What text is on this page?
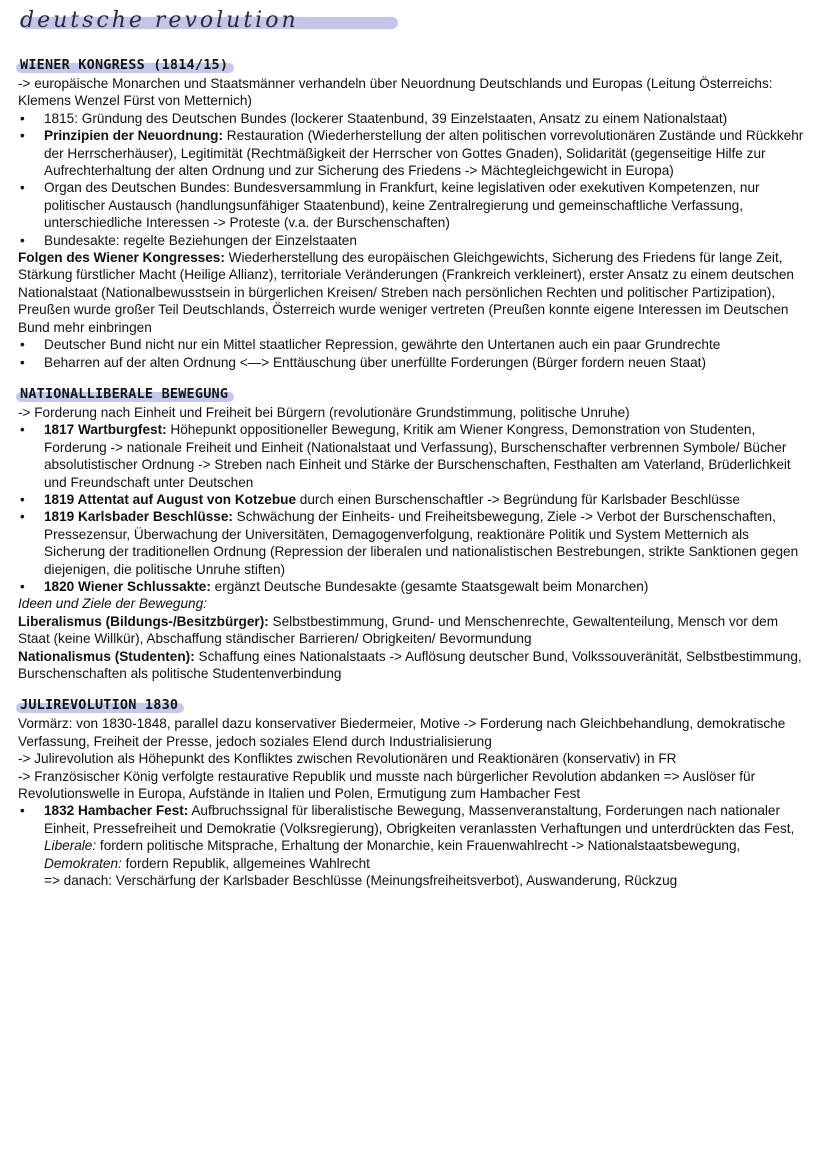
deutsche revolution
WIENER KONGRESS (1814/15)

-> europäische Monarchen und Staatsmänner verhandeln über Neuordnung Deutschlands und Europas (Leitung Österreichs: Klemens Wenzel Fürst von Metternich)

• 1815: Gründung des Deutschen Bundes (lockerer Staatenbund, 39 Einzelstaaten, Ansatz zu einem Nationalstaat)
• Prinzipien der Neuordnung: Restauration (Wiederherstellung der alten politischen vorrevolutionären Zustände und Rückkehr der Herrscherhäuser), Legitimität (Rechtmäßigkeit der Herrscher von Gottes Gnaden), Solidarität (gegenseitige Hilfe zur Aufrechterhaltung der alten Ordnung und zur Sicherung des Friedens -> Mächtegleichgewicht in Europa)
• Organ des Deutschen Bundes: Bundesversammlung in Frankfurt, keine legislativen oder exekutiven Kompetenzen, nur politischer Austausch (handlungsunfähiger Staatenbund), keine Zentralregierung und gemeinschaftliche Verfassung, unterschiedliche Interessen -> Proteste (v.a. der Burschenschaften)
• Bundesakte: regelte Beziehungen der Einzelstaaten

Folgen des Wiener Kongresses: Wiederherstellung des europäischen Gleichgewichts, Sicherung des Friedens für lange Zeit, Stärkung fürstlicher Macht (Heilige Allianz), territoriale Veränderungen (Frankreich verkleinert), erster Ansatz zu einem deutschen Nationalstaat (Nationalbewusstsein in bürgerlichen Kreisen/ Streben nach persönlichen Rechten und politischer Partizipation), Preußen wurde großer Teil Deutschlands, Österreich wurde weniger vertreten (Preußen konnte eigene Interessen im Deutschen Bund mehr einbringen

• Deutscher Bund nicht nur ein Mittel staatlicher Repression, gewährte den Untertanen auch ein paar Grundrechte
• Beharren auf der alten Ordnung <—> Enttäuschung über unerfüllte Forderungen (Bürger fordern neuen Staat)
NATIONALLIBERALE BEWEGUNG

-> Forderung nach Einheit und Freiheit bei Bürgern (revolutionäre Grundstimmung, politische Unruhe)

• 1817 Wartburgfest: Höhepunkt oppositioneller Bewegung, Kritik am Wiener Kongress, Demonstration von Studenten, Forderung -> nationale Freiheit und Einheit (Nationalstaat und Verfassung), Burschenschafter verbrennen Symbole/ Bücher absolutistischer Ordnung -> Streben nach Einheit und Stärke der Burschenschaften, Festhalten am Vaterland, Brüderlichkeit und Freundschaft unter Deutschen
• 1819 Attentat auf August von Kotzebue durch einen Burschenschaftler -> Begründung für Karlsbader Beschlüsse
• 1819 Karlsbader Beschlüsse: Schwächung der Einheits- und Freiheitsbewegung, Ziele -> Verbot der Burschenschaften, Pressezensur, Überwachung der Universitäten, Demagogenverfolgung, reaktionäre Politik und System Metternich als Sicherung der traditionellen Ordnung (Repression der liberalen und nationalistischen Bestrebungen, strikte Sanktionen gegen diejenigen, die politische Unruhe stiften)
• 1820 Wiener Schlussakte: ergänzt Deutsche Bundesakte (gesamte Staatsgewalt beim Monarchen)

Ideen und Ziele der Bewegung:

Liberalismus (Bildungs-/Besitzbürger): Selbstbestimmung, Grund- und Menschenrechte, Gewaltenteilung, Mensch vor dem Staat (keine Willkür), Abschaffung ständischer Barrieren/ Obrigkeiten/ Bevormundung

Nationalismus (Studenten): Schaffung eines Nationalstaats -> Auflösung deutscher Bund, Volkssouveränität, Selbstbestimmung, Burschenschaften als politische Studentenverbindung

JULIREVOLUTION 1830

Vormärz: von 1830-1848, parallel dazu konservativer Biedermeier, Motive -> Forderung nach Gleichbehandlung, demokratische Verfassung, Freiheit der Presse, jedoch soziales Elend durch Industrialisierung

-> Julirevolution als Höhepunkt des Konfliktes zwischen Revolutionären und Reaktionären (konservativ) in FR

-> Französischer König verfolgte restaurative Republik und musste nach bürgerlicher Revolution abdanken => Auslöser für Revolutionswelle in Europa, Aufstände in Italien und Polen, Ermutigung zum Hambacher Fest

• 1832 Hambacher Fest: Aufbruchssignal für liberalistische Bewegung, Massenveranstaltung, Forderungen nach nationaler Einheit, Pressefreiheit und Demokratie (Volksregierung), Obrigkeiten veranlassten Verhaftungen und unterdrückten das Fest, Liberale: fordern politische Mitsprache, Erhaltung der Monarchie, kein Frauenwahlrecht -> Nationalstaatsbewegung, Demokraten: fordern Republik, allgemeines Wahlrecht

=> danach: Verschärfung der Karlsbader Beschlüsse (Meinungsfreiheitsverbot), Auswanderung, Rückzug
